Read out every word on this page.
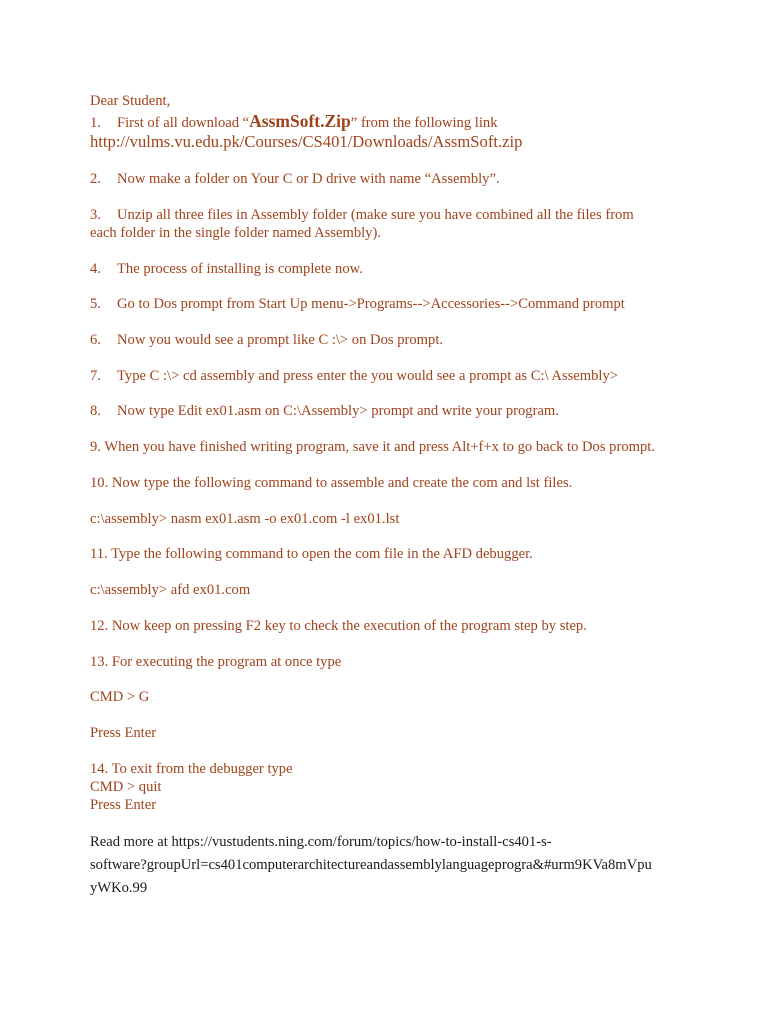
Dear Student,
1. First of all download “AssmSoft.Zip” from the following link
http://vulms.vu.edu.pk/Courses/CS401/Downloads/AssmSoft.zip
2. Now make a folder on Your C or D drive with name “Assembly”.
3. Unzip all three files in Assembly folder (make sure you have combined all the files from
each folder in the single folder named Assembly).
4. The process of installing is complete now.
5. Go to Dos prompt from Start Up menu->Programs-->Accessories-->Command prompt
6. Now you would see a prompt like C :\> on Dos prompt.
7. Type C :\> cd assembly and press enter the you would see a prompt as C:\ Assembly>
8. Now type Edit ex01.asm on C:\Assembly> prompt and write your program.
9. When you have finished writing program, save it and press Alt+f+x to go back to Dos prompt.
10. Now type the following command to assemble and create the com and lst files.
c:\assembly> nasm ex01.asm -o ex01.com -l ex01.lst
11. Type the following command to open the com file in the AFD debugger.
c:\assembly> afd ex01.com
12. Now keep on pressing F2 key to check the execution of the program step by step.
13. For executing the program at once type
CMD > G
Press Enter
14. To exit from the debugger type
CMD > quit
Press Enter
Read more at https://vustudents.ning.com/forum/topics/how-to-install-cs401-s-
software?groupUrl=cs401computerarchitectureandassemblylanguageprogra&#urm9KVa8mVpu
yWKo.99
